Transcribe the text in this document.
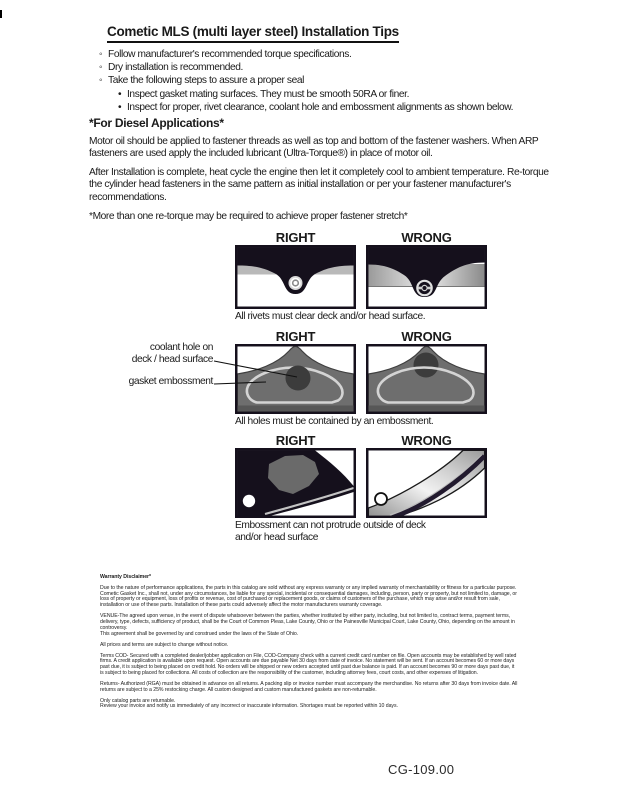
Cometic MLS (multi layer steel) Installation Tips
◦ Follow manufacturer's recommended torque specifications.
◦ Dry installation is recommended.
◦ Take the following steps to assure a proper seal
• Inspect gasket mating surfaces. They must be smooth 50RA or finer.
• Inspect for proper, rivet clearance, coolant hole and embossment alignments as shown below.
*For Diesel Applications*

Motor oil should be applied to fastener threads as well as top and bottom of the fastener washers. When ARP fasteners are used apply the included lubricant (Ultra-Torque®) in place of motor oil.

After Installation is complete, heat cycle the engine then let it completely cool to ambient temperature. Re-torque the cylinder head fasteners in the same pattern as initial installation or per your fastener manufacturer's recommendations.

*More than one re-torque may be required to achieve proper fastener stretch*

RIGHT	WRONG
All rivets must clear deck and/or head surface.
RIGHT	WRONG
All holes must be contained by an embossment.
RIGHT	WRONG
Embossment can not protrude outside of deck
and/or head surface
coolant hole on
deck / head surface
gasket embossment
Warranty Disclaimer*
Due to the nature of performance applications, the parts in this catalog are sold without any express warranty or any implied warranty of merchantability or fitness for a particular purpose. Cometic Gasket Inc., shall not, under any circumstances, be liable for any special, incidental or consequential damages, including, person, party or property, but not limited to, damage, or loss of property or equipment, loss of profits or revenue, cost of purchased or replacement goods, or claims of customers of the purchase, which may arise and/or result from sale, installation or use of these parts. Installation of these parts could adversely affect the motor manufacturers warranty coverage.
VENUE-The agreed upon venue, in the event of dispute whatsoever between the parties, whether instituted by either party, including, but not limited to, contract terms, payment terms, delivery, type, defects, sufficiency of product, shall be the Court of Common Pleas, Lake County, Ohio or the Painesville Municipal Court, Lake County, Ohio, depending on the amount in controversy.
This agreement shall be governed by and construed under the laws of the State of Ohio.
All prices and terms are subject to change without notice.
Terms COD- Secured with a completed dealer/jobber application on File, COD-Company check with a current credit card number on file. Open accounts may be established by well rated firms. A credit application is available upon request. Open accounts are due payable Net 30 days from date of invoice. No statement will be sent. If an account becomes 60 or more days past due, it is subject to being placed on credit hold. No orders will be shipped or new orders accepted until past due balance is paid. If an account becomes 90 or more days past due, it is subject to being placed for collections. All costs of collection are the responsibility of the customer, including attorney fees, court costs, and other expenses of litigation.
Returns- Authorized (RGA) must be obtained in advance on all returns. A packing slip or invoice number must accompany the merchandise. No returns after 30 days from invoice date. All returns are subject to a 25% restocking charge. All custom designed and custom manufactured gaskets are non-returnable.
Only catalog parts are returnable.
Review your invoice and notify us immediately of any incorrect or inaccurate information. Shortages must be reported within 10 days.
CG-109.00
